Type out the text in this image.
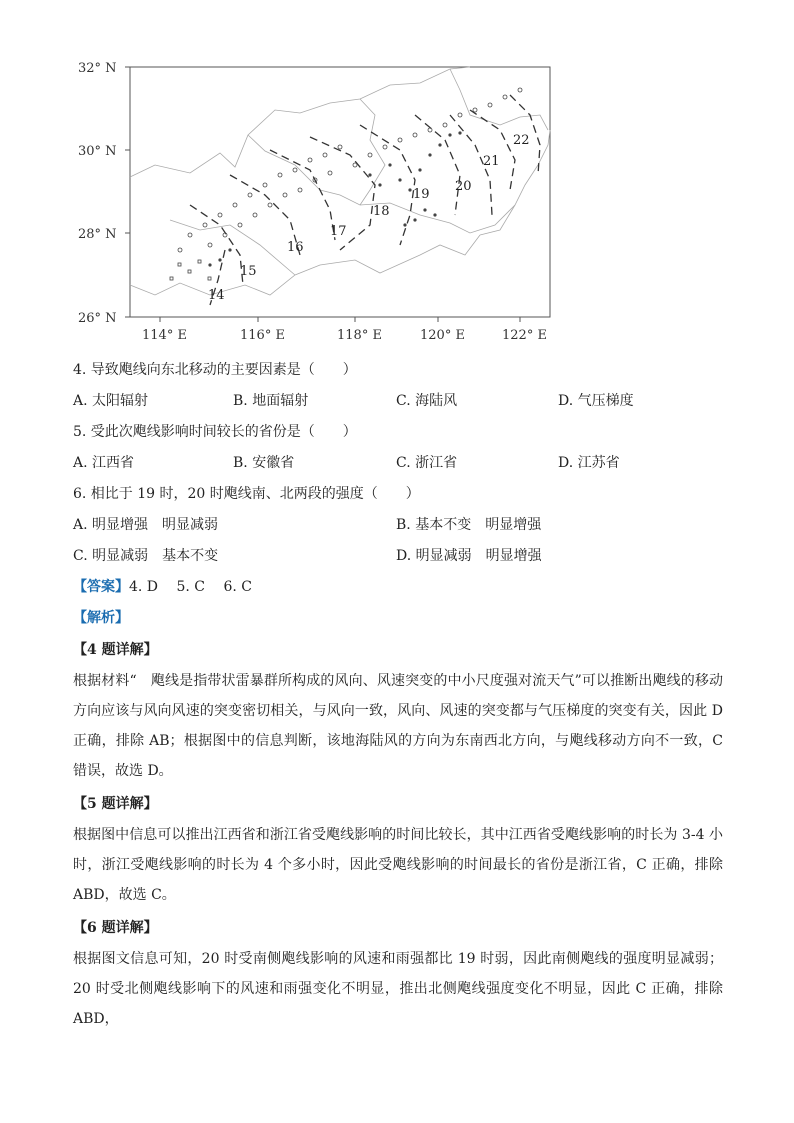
32° N
30° N
28° N
26° N
114° E	116° E	118° E	120° E	122° E
14
15
16
17
18
19
20
21
22
4. 导致飑线向东北移动的主要因素是（　　）
A. 太阳辐射	B. 地面辐射	C. 海陆风	D. 气压梯度
5. 受此次飑线影响时间较长的省份是（　　）
A. 江西省	B. 安徽省	C. 浙江省	D. 江苏省
6. 相比于 19 时，20 时飑线南、北两段的强度（　　）
A. 明显增强　明显减弱	B. 基本不变　明显增强
C. 明显减弱　基本不变	D. 明显减弱　明显增强
【答案】4. D　 5. C　 6. C
【解析】
【4 题详解】
根据材料“　飑线是指带状雷暴群所构成的风向、风速突变的中小尺度强对流天气”可以推断出飑线的移动方向应该与风向风速的突变密切相关，与风向一致，风向、风速的突变都与气压梯度的突变有关，因此 D 正确，排除 AB；根据图中的信息判断，该地海陆风的方向为东南西北方向，与飑线移动方向不一致，C 错误，故选 D。
【5 题详解】
根据图中信息可以推出江西省和浙江省受飑线影响的时间比较长，其中江西省受飑线影响的时长为 3-4 小时，浙江受飑线影响的时长为 4 个多小时，因此受飑线影响的时间最长的省份是浙江省，C 正确，排除 ABD，故选 C。
【6 题详解】
根据图文信息可知，20 时受南侧飑线影响的风速和雨强都比 19 时弱，因此南侧飑线的强度明显减弱；20 时受北侧飑线影响下的风速和雨强变化不明显，推出北侧飑线强度变化不明显，因此 C 正确，排除 ABD，
